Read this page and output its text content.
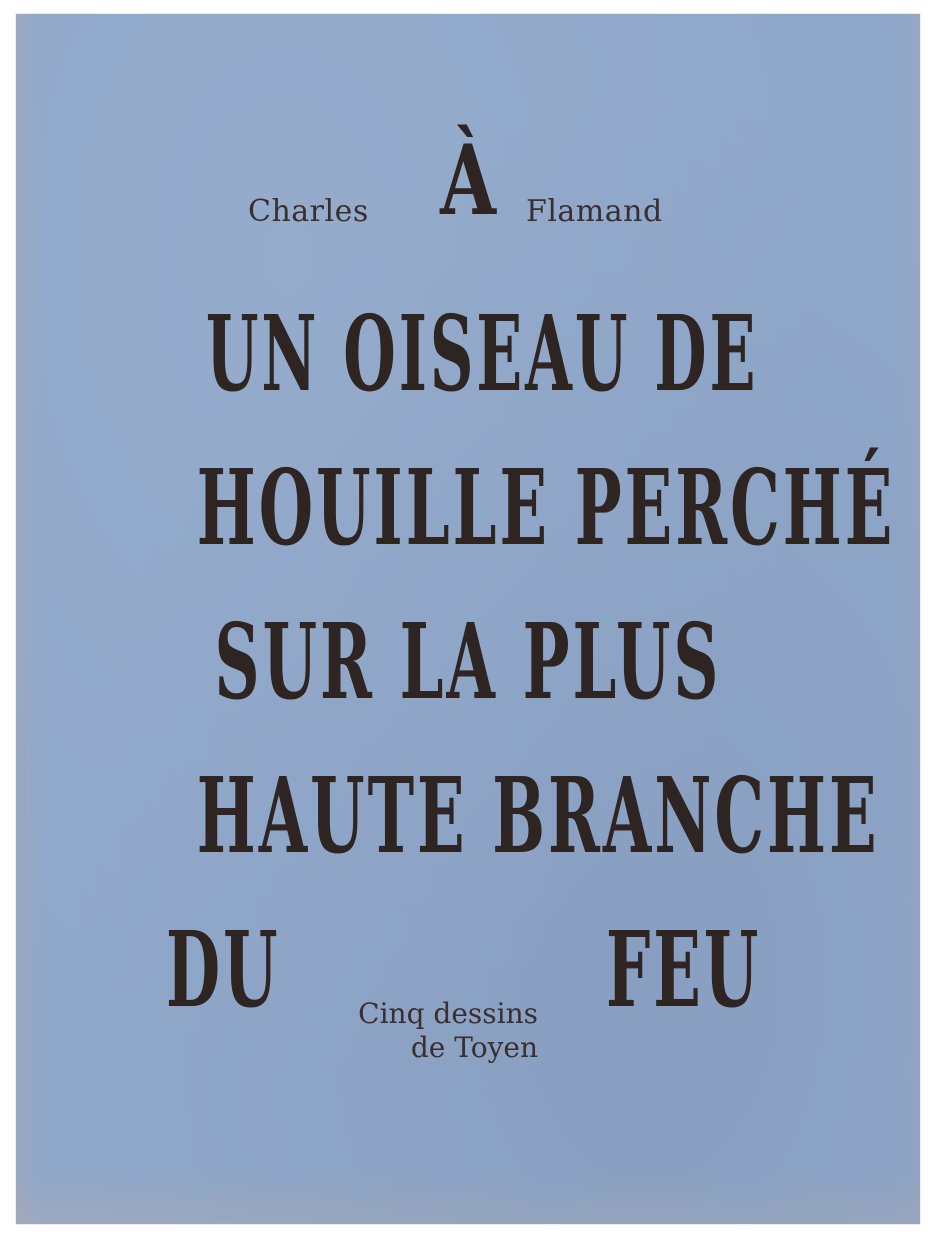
Charles	Flamand
À
UN OISEAU DE
HOUILLE PERCHÉ
SUR LA PLUS
HAUTE BRANCHE
DU	FEU
Cinq dessins
de Toyen
